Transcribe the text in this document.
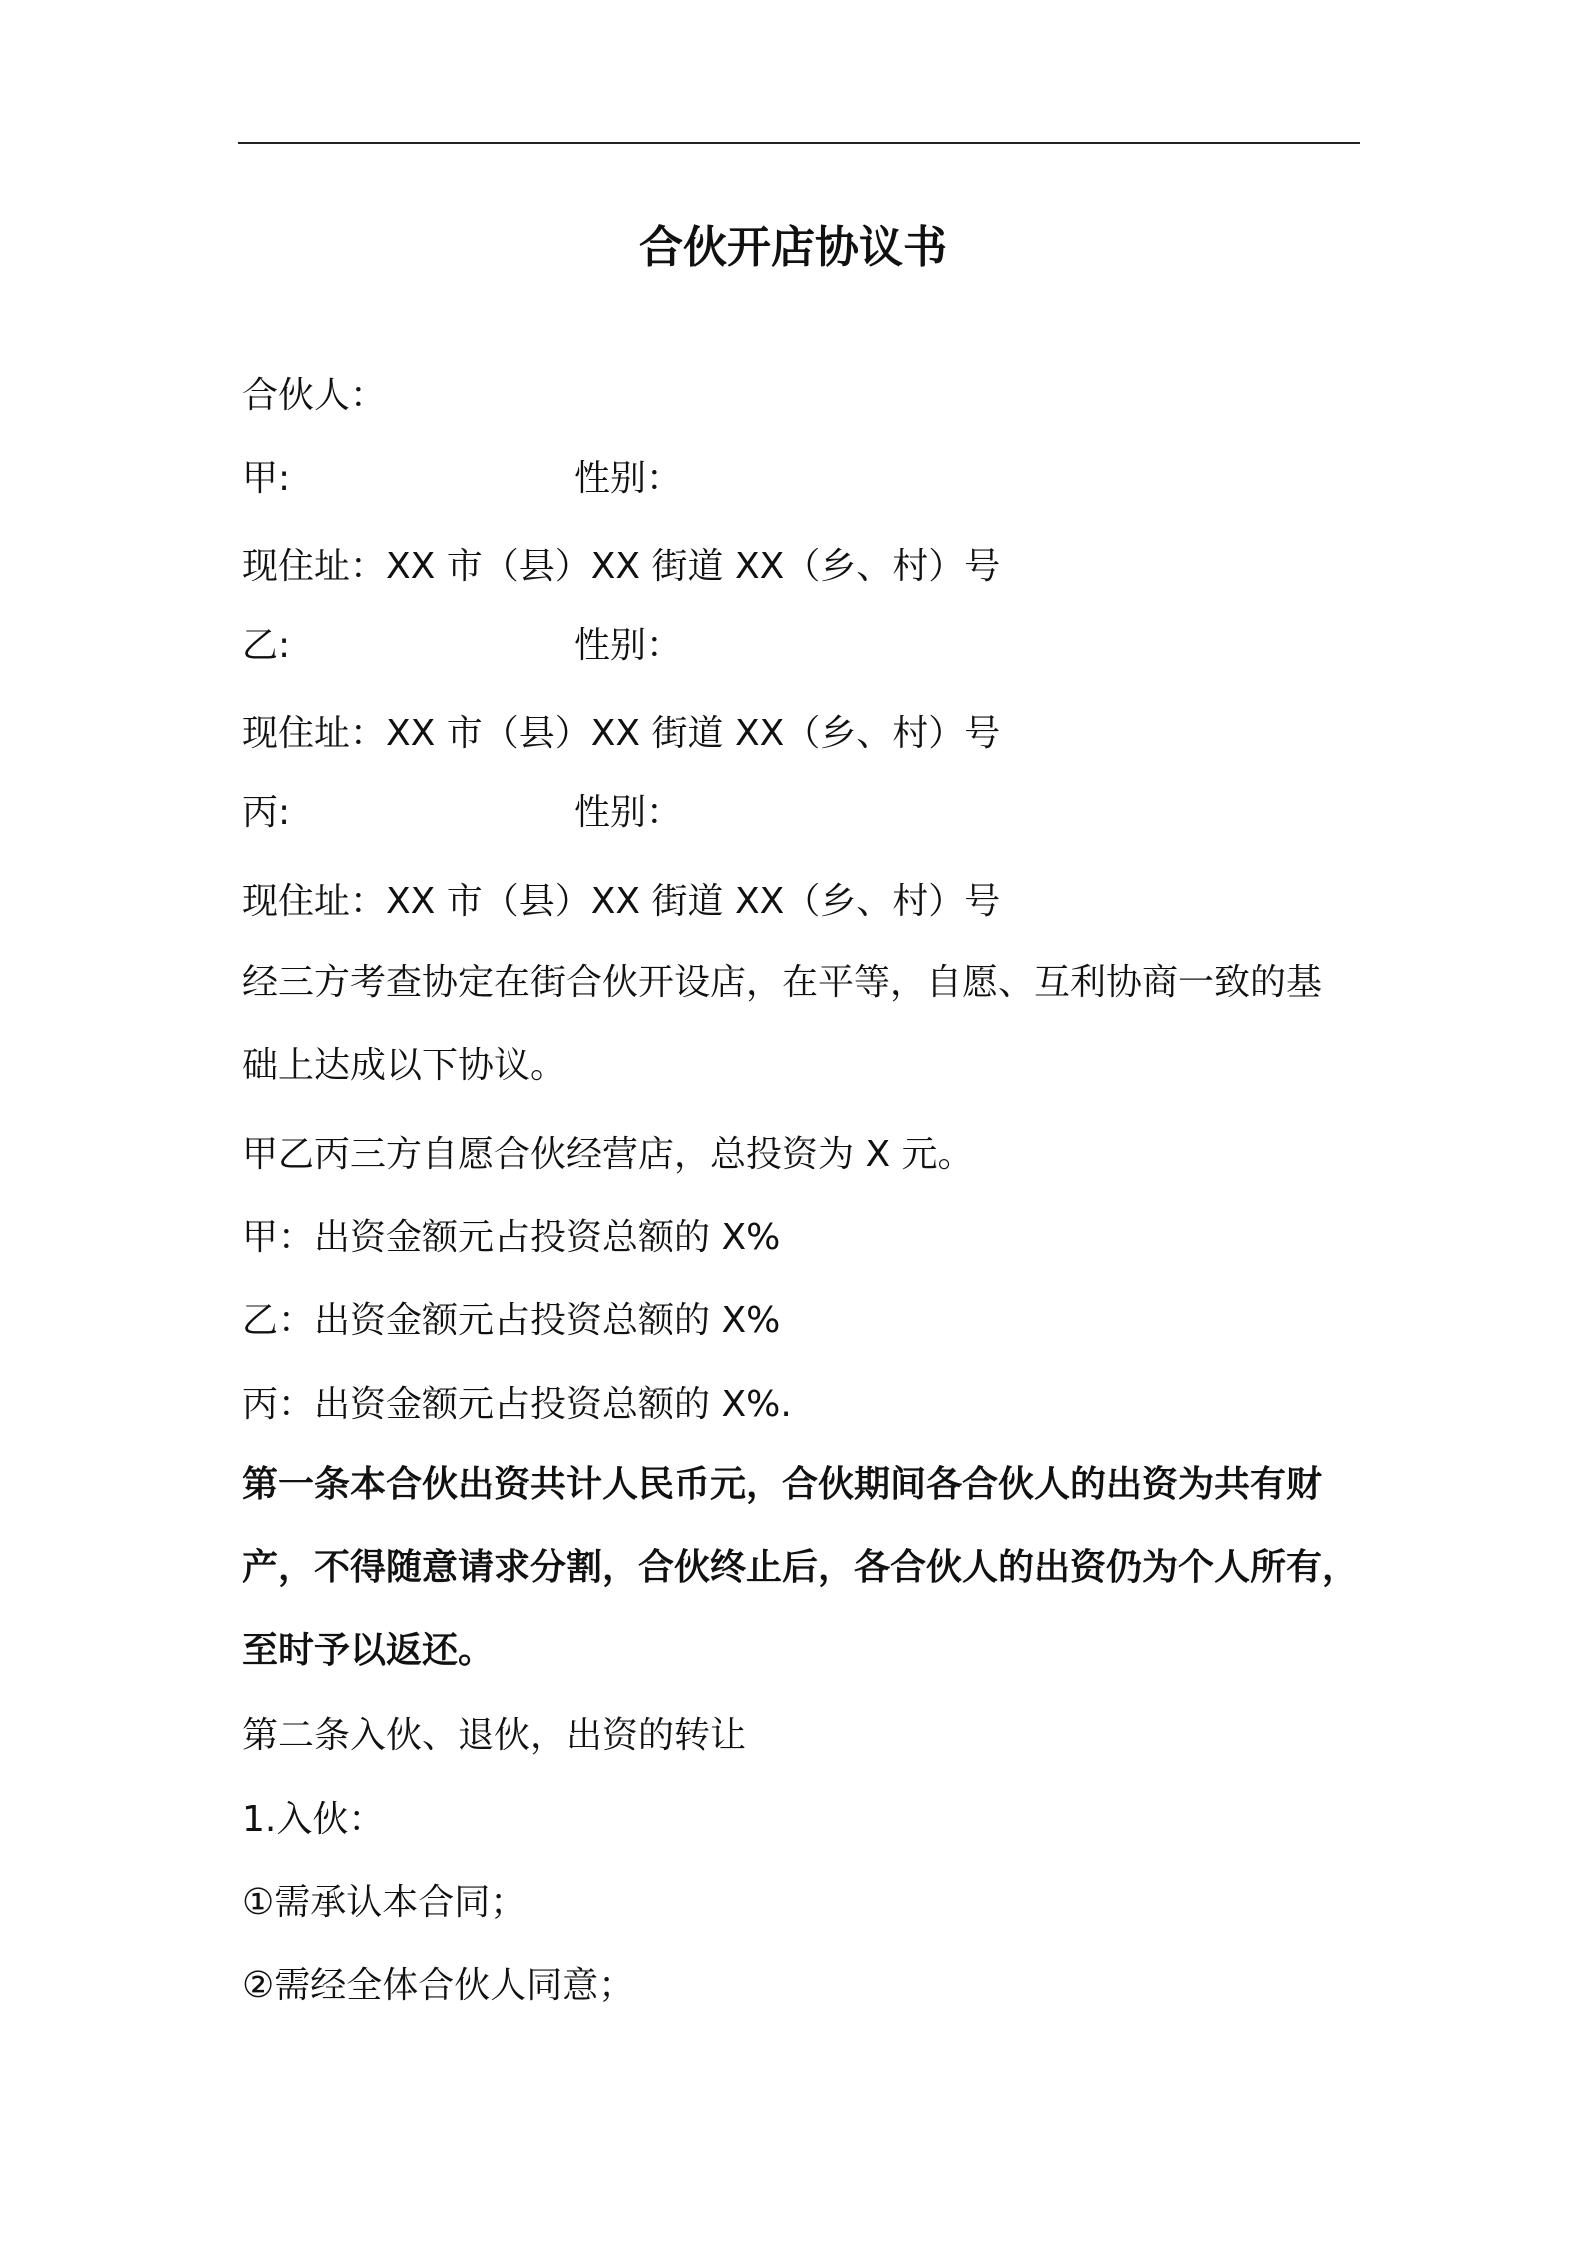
合伙开店协议书
合伙人：
甲:	性别：
现住址：XX 市（县）XX 街道 XX（乡、村）号
乙:	性别：
现住址：XX 市（县）XX 街道 XX（乡、村）号
丙:	性别：
现住址：XX 市（县）XX 街道 XX（乡、村）号
经三方考查协定在街合伙开设店，在平等，自愿、互利协商一致的基
础上达成以下协议。
甲乙丙三方自愿合伙经营店，总投资为 X 元。
甲：出资金额元占投资总额的 X%
乙：出资金额元占投资总额的 X%
丙：出资金额元占投资总额的 X%.
第一条本合伙出资共计人民币元，合伙期间各合伙人的出资为共有财
产，不得随意请求分割，合伙终止后，各合伙人的出资仍为个人所有，
至时予以返还。
第二条入伙、退伙，出资的转让
1.入伙：
①需承认本合同；
②需经全体合伙人同意；
